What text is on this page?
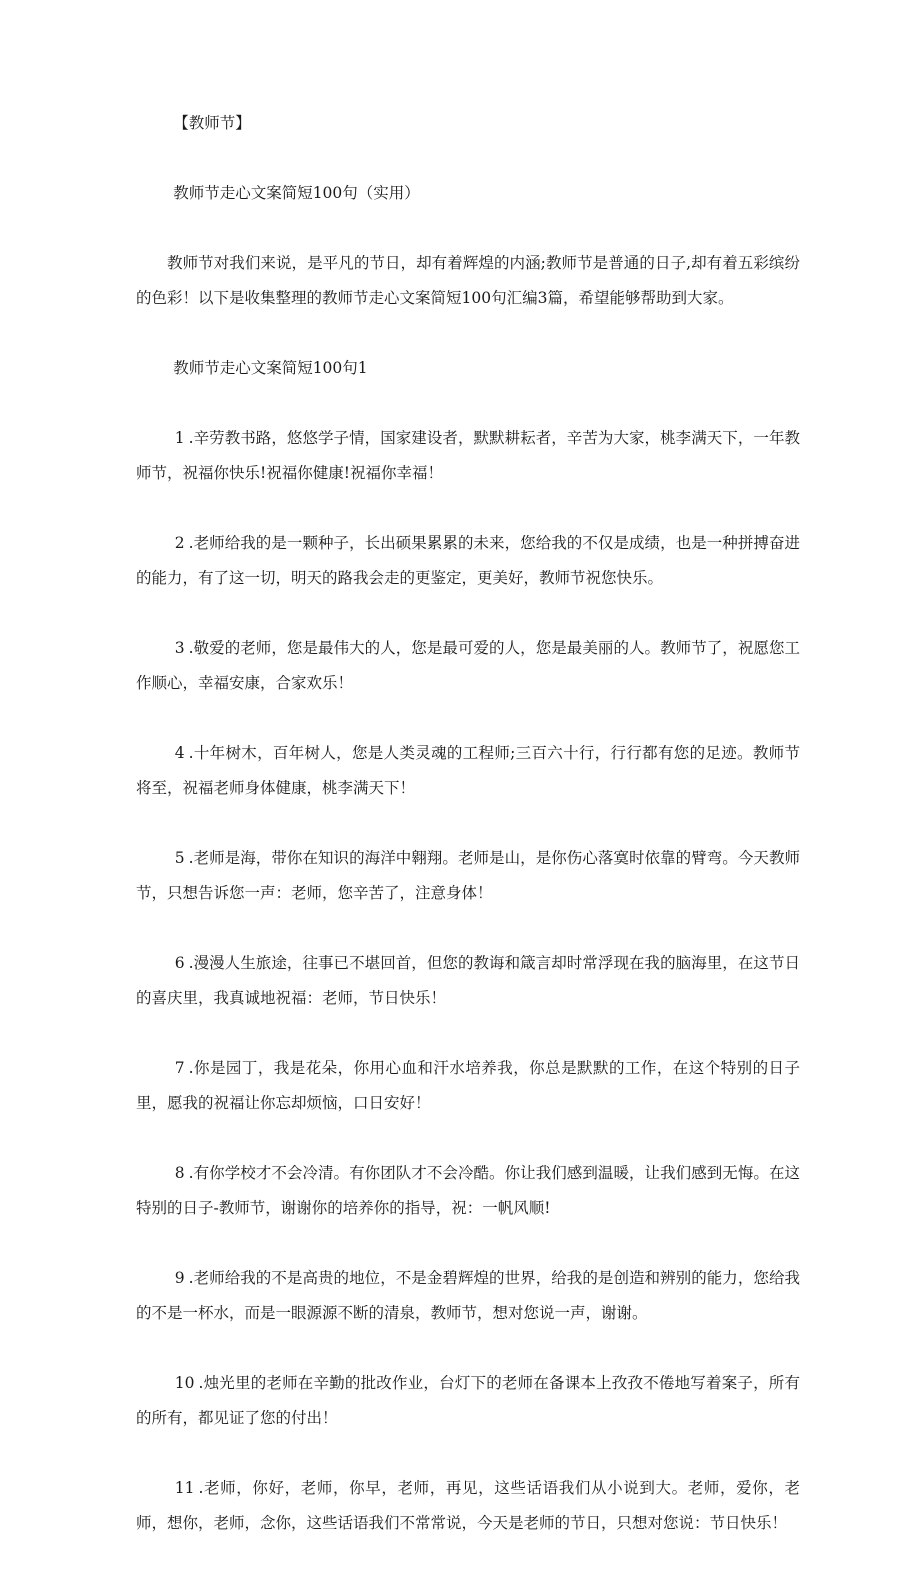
【教师节】

教师节走心文案简短100句（实用）

教师节对我们来说，是平凡的节日，却有着辉煌的内涵;教师节是普通的日子,却有着五彩缤纷的色彩！以下是收集整理的教师节走心文案简短100句汇编3篇，希望能够帮助到大家。

教师节走心文案简短100句1

1 .辛劳教书路，悠悠学子情，国家建设者，默默耕耘者，辛苦为大家，桃李满天下，一年教师节，祝福你快乐!祝福你健康!祝福你幸福！

2 .老师给我的是一颗种子，长出硕果累累的未来，您给我的不仅是成绩，也是一种拼搏奋进的能力，有了这一切，明天的路我会走的更鉴定，更美好，教师节祝您快乐。

3 .敬爱的老师，您是最伟大的人，您是最可爱的人，您是最美丽的人。教师节了，祝愿您工作顺心，幸福安康，合家欢乐！

4 .十年树木，百年树人，您是人类灵魂的工程师;三百六十行，行行都有您的足迹。教师节将至，祝福老师身体健康，桃李满天下！

5 .老师是海，带你在知识的海洋中翱翔。老师是山，是你伤心落寞时依靠的臂弯。今天教师节，只想告诉您一声：老师，您辛苦了，注意身体！

6 .漫漫人生旅途，往事已不堪回首，但您的教诲和箴言却时常浮现在我的脑海里，在这节日的喜庆里，我真诚地祝福：老师，节日快乐！

7 .你是园丁，我是花朵，你用心血和汗水培养我，你总是默默的工作，在这个特别的日子里，愿我的祝福让你忘却烦恼，口日安好！

8 .有你学校才不会冷清。有你团队才不会冷酷。你让我们感到温暖，让我们感到无悔。在这特别的日子-教师节，谢谢你的培养你的指导，祝：一帆风顺!

9 .老师给我的不是高贵的地位，不是金碧辉煌的世界，给我的是创造和辨别的能力，您给我的不是一杯水，而是一眼源源不断的清泉，教师节，想对您说一声，谢谢。

10 .烛光里的老师在辛勤的批改作业，台灯下的老师在备课本上孜孜不倦地写着案子，所有的所有，都见证了您的付出！

11 .老师，你好，老师，你早，老师，再见，这些话语我们从小说到大。老师，爱你，老师，想你，老师，念你，这些话语我们不常常说，今天是老师的节日，只想对您说：节日快乐！
